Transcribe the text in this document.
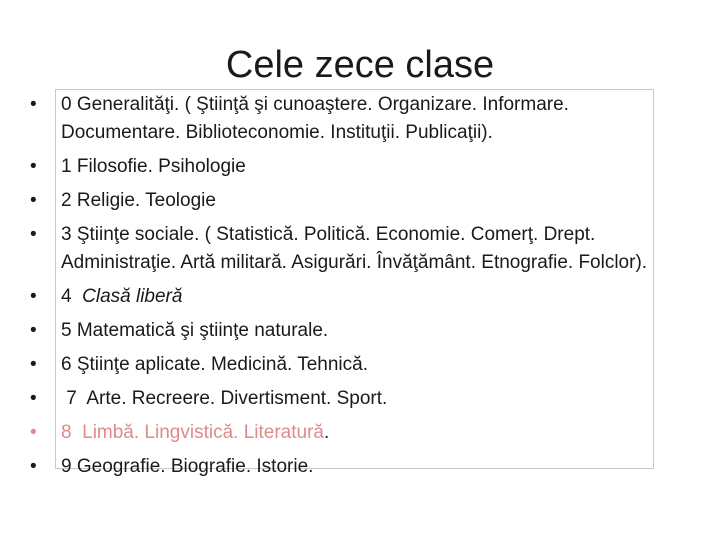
Cele zece clase
•	0 Generalităţi. ( Ştiinţă şi cunoaştere. Organizare. Informare. Documentare. Biblioteconomie. Instituţii. Publicaţii).
•	1 Filosofie. Psihologie
•	2 Religie. Teologie
•	3 Ştiinţe sociale. ( Statistică. Politică. Economie. Comerţ. Drept. Administraţie. Artă militară. Asigurări. Învăţământ. Etnografie. Folclor).
•	4  Clasă liberă
•	5 Matematică şi ştiinţe naturale.
•	6 Ştiinţe aplicate. Medicină. Tehnică.
•	7  Arte. Recreere. Divertisment. Sport.
•	8  Limbă. Lingvistică. Literatură.
•	9 Geografie. Biografie. Istorie.
